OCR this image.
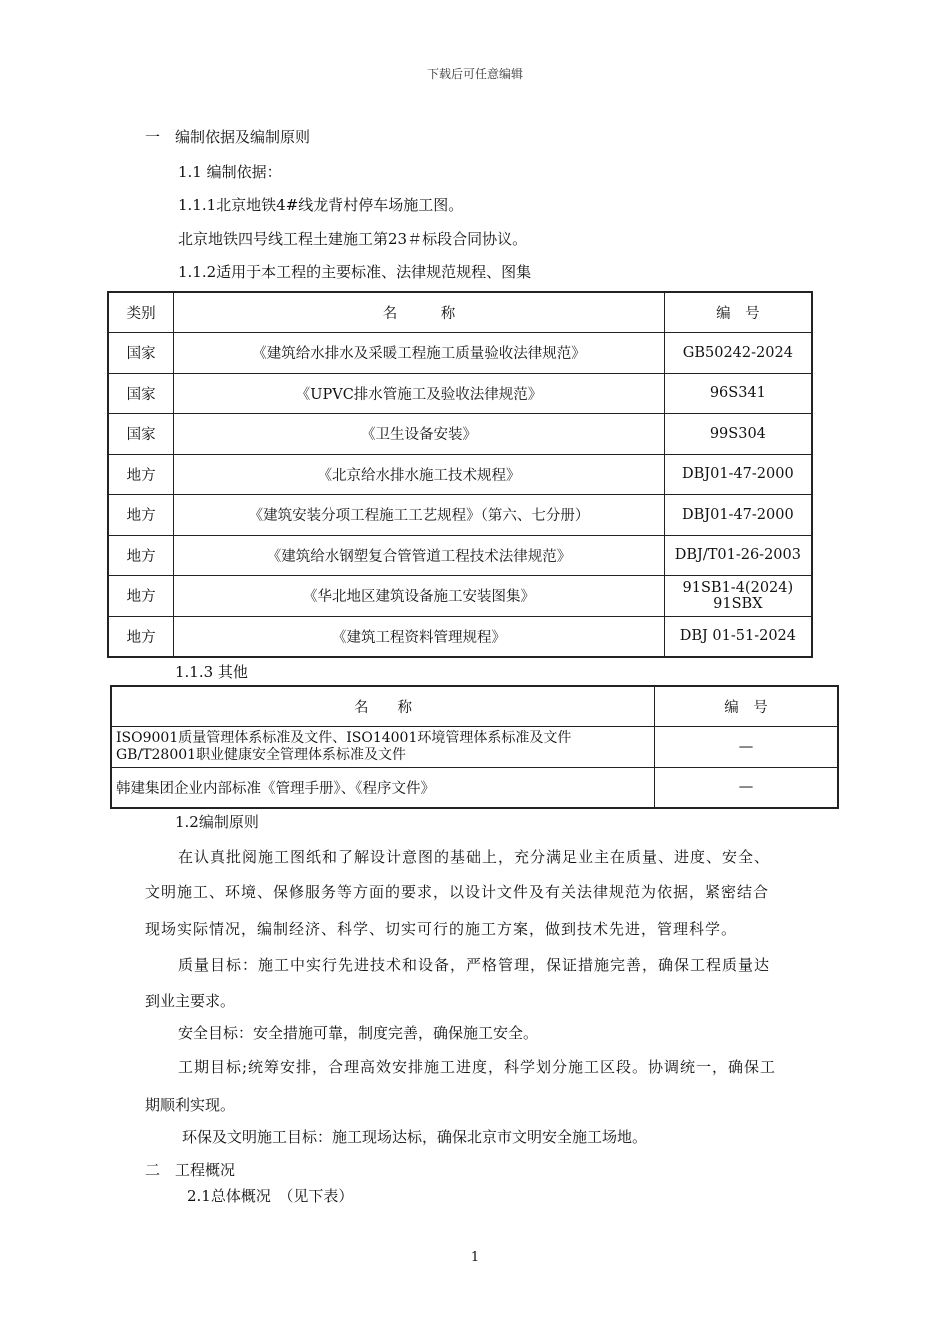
下载后可任意编辑
一　编制依据及编制原则
1.1 编制依据：
1.1.1北京地铁4#线龙背村停车场施工图。
北京地铁四号线工程土建施工第23＃标段合同协议。
1.1.2适用于本工程的主要标准、法律规范规程、图集
类别	名　　　称	编　号
国家	《建筑给水排水及采暖工程施工质量验收法律规范》	GB50242-2024
国家	《UPVC排水管施工及验收法律规范》	96S341
国家	《卫生设备安装》	99S304
地方	《北京给水排水施工技术规程》	DBJ01-47-2000
地方	《建筑安装分项工程施工工艺规程》（第六、七分册）	DBJ01-47-2000
地方	《建筑给水钢塑复合管管道工程技术法律规范》	DBJ/T01-26-2003
地方	《华北地区建筑设备施工安装图集》	91SB1-4(2024)
91SBX
地方	《建筑工程资料管理规程》	DBJ 01-51-2024
1.1.3 其他
名　　称	编　号
ISO9001质量管理体系标准及文件、ISO14001环境管理体系标准及文件
GB/T28001职业健康安全管理体系标准及文件	—
韩建集团企业内部标准《管理手册》、《程序文件》	—
1.2编制原则
在认真批阅施工图纸和了解设计意图的基础上，充分满足业主在质量、进度、安全、
文明施工、环境、保修服务等方面的要求，以设计文件及有关法律规范为依据，紧密结合
现场实际情况，编制经济、科学、切实可行的施工方案，做到技术先进，管理科学。
质量目标：施工中实行先进技术和设备，严格管理，保证措施完善，确保工程质量达
到业主要求。
安全目标：安全措施可靠，制度完善，确保施工安全。
工期目标;统筹安排，合理高效安排施工进度，科学划分施工区段。协调统一，确保工
期顺利实现。
环保及文明施工目标：施工现场达标，确保北京市文明安全施工场地。
二　工程概况
2.1总体概况　（见下表）
1
